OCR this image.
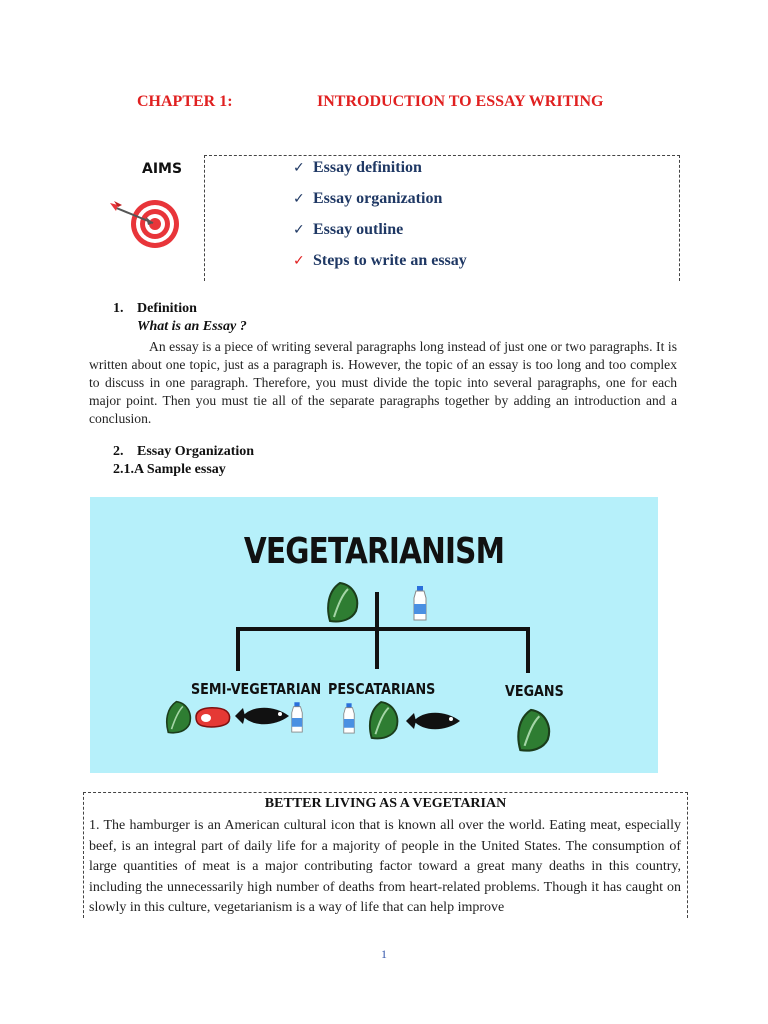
CHAPTER 1:	INTRODUCTION TO ESSAY WRITING
AIMS	✓ Essay definition
✓ Essay organization
✓ Essay outline
✓ Steps to write an essay
1. Definition
What is an Essay ?
An essay is a piece of writing several paragraphs long instead of just one or two paragraphs. It is written about one topic, just as a paragraph is. However, the topic of an essay is too long and too complex to discuss in one paragraph. Therefore, you must divide the topic into several paragraphs, one for each major point. Then you must tie all of the separate paragraphs together by adding an introduction and a conclusion.
2. Essay Organization
2.1.A Sample essay
VEGETARIANISM
SEMI-VEGETARIAN PESCATARIANS	VEGANS
BETTER LIVING AS A VEGETARIAN
1. The hamburger is an American cultural icon that is known all over the world. Eating meat, especially beef, is an integral part of daily life for a majority of people in the United States. The consumption of large quantities of meat is a major contributing factor toward a great many deaths in this country, including the unnecessarily high number of deaths from heart-related problems. Though it has caught on slowly in this culture, vegetarianism is a way of life that can help improve
1
